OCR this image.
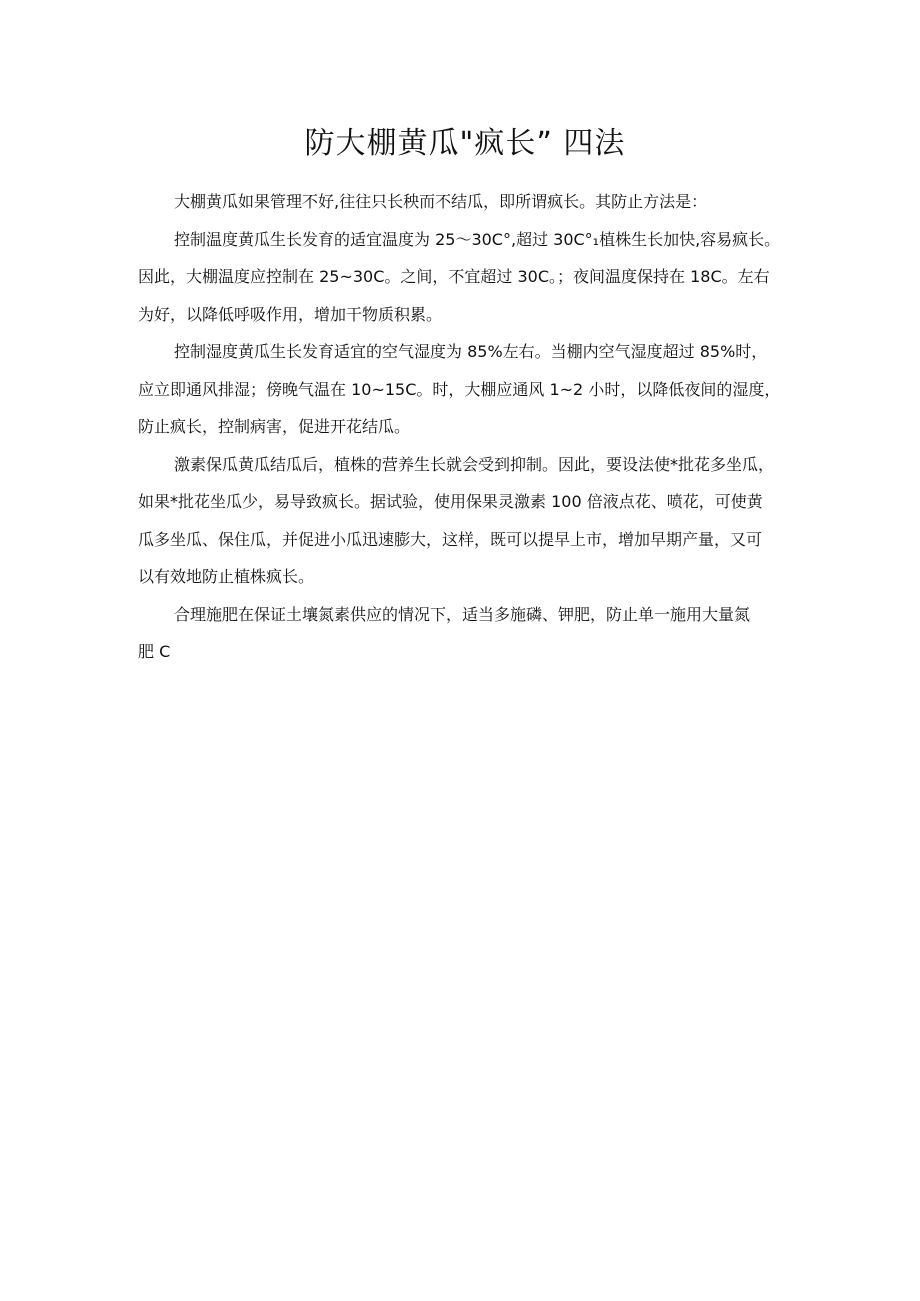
防大棚黄瓜"疯长” 四法
大棚黄瓜如果管理不好,往往只长秧而不结瓜，即所谓疯长。其防止方法是：
控制温度黄瓜生长发育的适宜温度为 25～30C°,超过 30C°₁植株生长加快,容易疯长。
因此，大棚温度应控制在 25~30C。之间，不宜超过 30C。；夜间温度保持在 18C。左右
为好，以降低呼吸作用，增加干物质积累。
控制湿度黄瓜生长发育适宜的空气湿度为 85%左右。当棚内空气湿度超过 85%时，
应立即通风排湿；傍晚气温在 10~15C。时，大棚应通风 1~2 小时，以降低夜间的湿度，
防止疯长，控制病害，促进开花结瓜。
激素保瓜黄瓜结瓜后，植株的营养生长就会受到抑制。因此，要设法使*批花多坐瓜，
如果*批花坐瓜少，易导致疯长。据试验，使用保果灵激素 100 倍液点花、喷花，可使黄
瓜多坐瓜、保住瓜，并促进小瓜迅速膨大，这样，既可以提早上市，增加早期产量，又可
以有效地防止植株疯长。
合理施肥在保证土壤氮素供应的情况下，适当多施磷、钾肥，防止单一施用大量氮
肥 C
